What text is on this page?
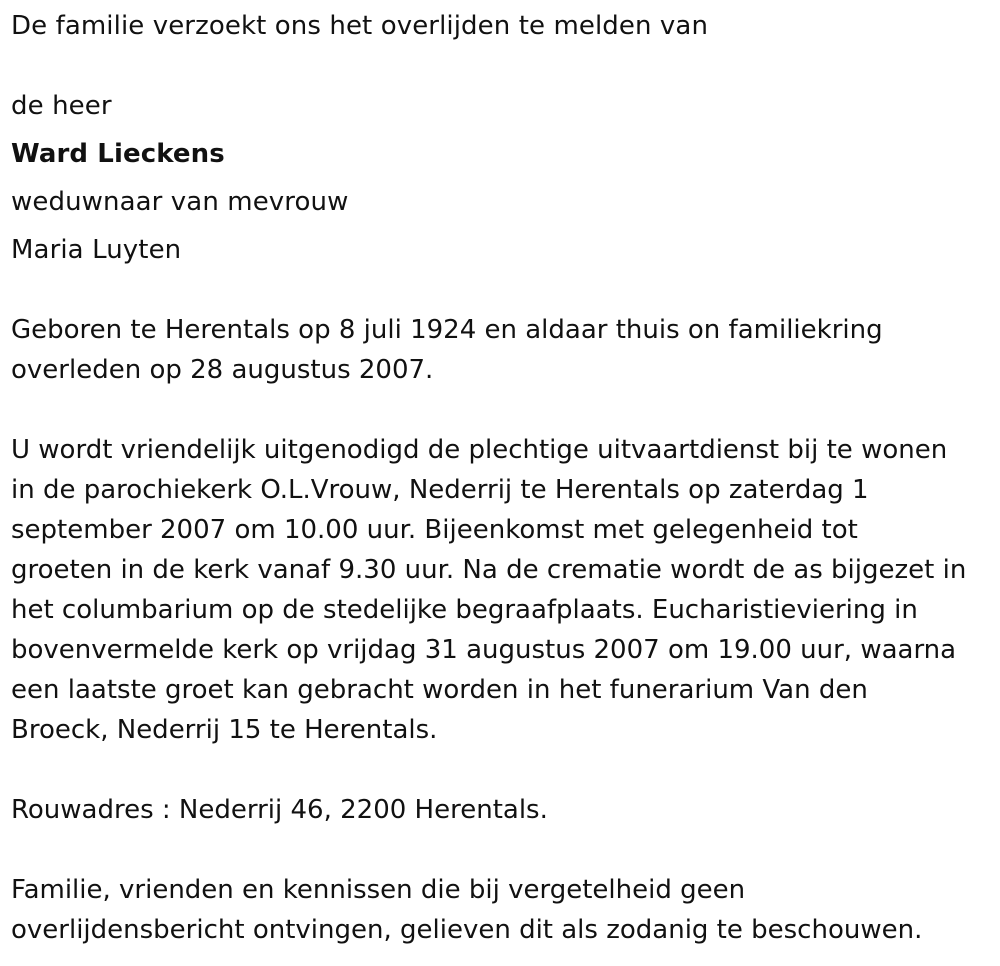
De familie verzoekt ons het overlijden te melden van
de heer
Ward Lieckens
weduwnaar van mevrouw
Maria Luyten
Geboren te Herentals op 8 juli 1924 en aldaar thuis on familiekring
overleden op 28 augustus 2007.
U wordt vriendelijk uitgenodigd de plechtige uitvaartdienst bij te wonen
in de parochiekerk O.L.Vrouw, Nederrij te Herentals op zaterdag 1
september 2007 om 10.00 uur. Bijeenkomst met gelegenheid tot
groeten in de kerk vanaf 9.30 uur. Na de crematie wordt de as bijgezet in
het columbarium op de stedelijke begraafplaats. Eucharistieviering in
bovenvermelde kerk op vrijdag 31 augustus 2007 om 19.00 uur, waarna
een laatste groet kan gebracht worden in het funerarium Van den
Broeck, Nederrij 15 te Herentals.
Rouwadres : Nederrij 46, 2200 Herentals.
Familie, vrienden en kennissen die bij vergetelheid geen
overlijdensbericht ontvingen, gelieven dit als zodanig te beschouwen.
